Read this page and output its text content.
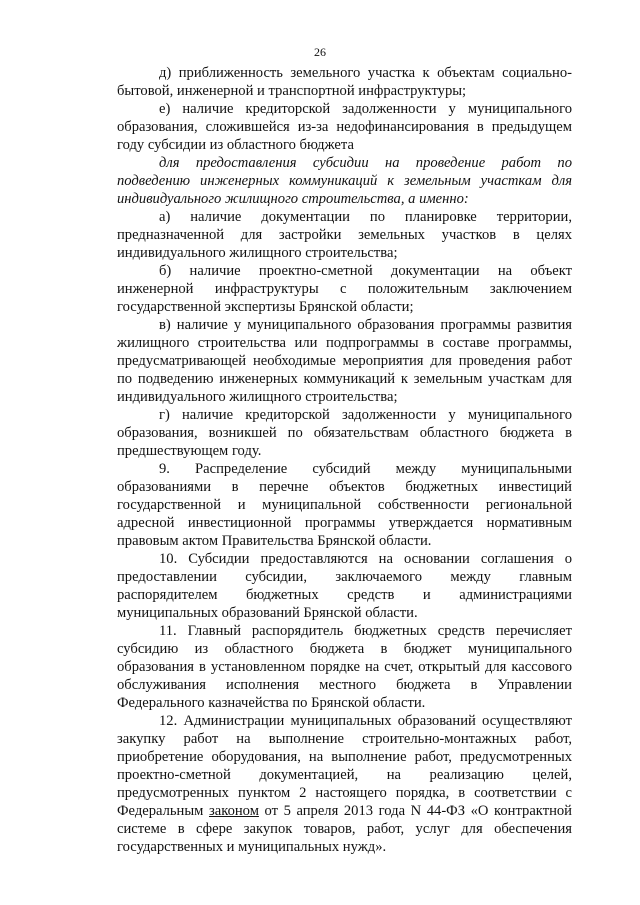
26

д) приближенность земельного участка к объектам социально-бытовой, инженерной и транспортной инфраструктуры;

е) наличие кредиторской задолженности у муниципального образования, сложившейся из-за недофинансирования в предыдущем году субсидии из областного бюджета

для предоставления субсидии на проведение работ по подведению инженерных коммуникаций к земельным участкам для индивидуального жилищного строительства, а именно:

а) наличие документации по планировке территории, предназначенной для застройки земельных участков в целях индивидуального жилищного строительства;

б) наличие проектно-сметной документации на объект инженерной инфраструктуры с положительным заключением государственной экспертизы Брянской области;

в) наличие у муниципального образования программы развития жилищного строительства или подпрограммы в составе программы, предусматривающей необходимые мероприятия для проведения работ по подведению инженерных коммуникаций к земельным участкам для индивидуального жилищного строительства;

г) наличие кредиторской задолженности у муниципального образования, возникшей по обязательствам областного бюджета в предшествующем году.

9. Распределение субсидий между муниципальными образованиями в перечне объектов бюджетных инвестиций государственной и муниципальной собственности региональной адресной инвестиционной программы утверждается нормативным правовым актом Правительства Брянской области.

10. Субсидии предоставляются на основании соглашения о предоставлении субсидии, заключаемого между главным распорядителем бюджетных средств и администрациями муниципальных образований Брянской области.

11. Главный распорядитель бюджетных средств перечисляет субсидию из областного бюджета в бюджет муниципального образования в установленном порядке на счет, открытый для кассового обслуживания исполнения местного бюджета в Управлении Федерального казначейства по Брянской области.

12. Администрации муниципальных образований осуществляют закупку работ на выполнение строительно-монтажных работ, приобретение оборудования, на выполнение работ, предусмотренных проектно-сметной документацией, на реализацию целей, предусмотренных пунктом 2 настоящего порядка, в соответствии с Федеральным законом от 5 апреля 2013 года N 44-ФЗ «О контрактной системе в сфере закупок товаров, работ, услуг для обеспечения государственных и муниципальных нужд».
